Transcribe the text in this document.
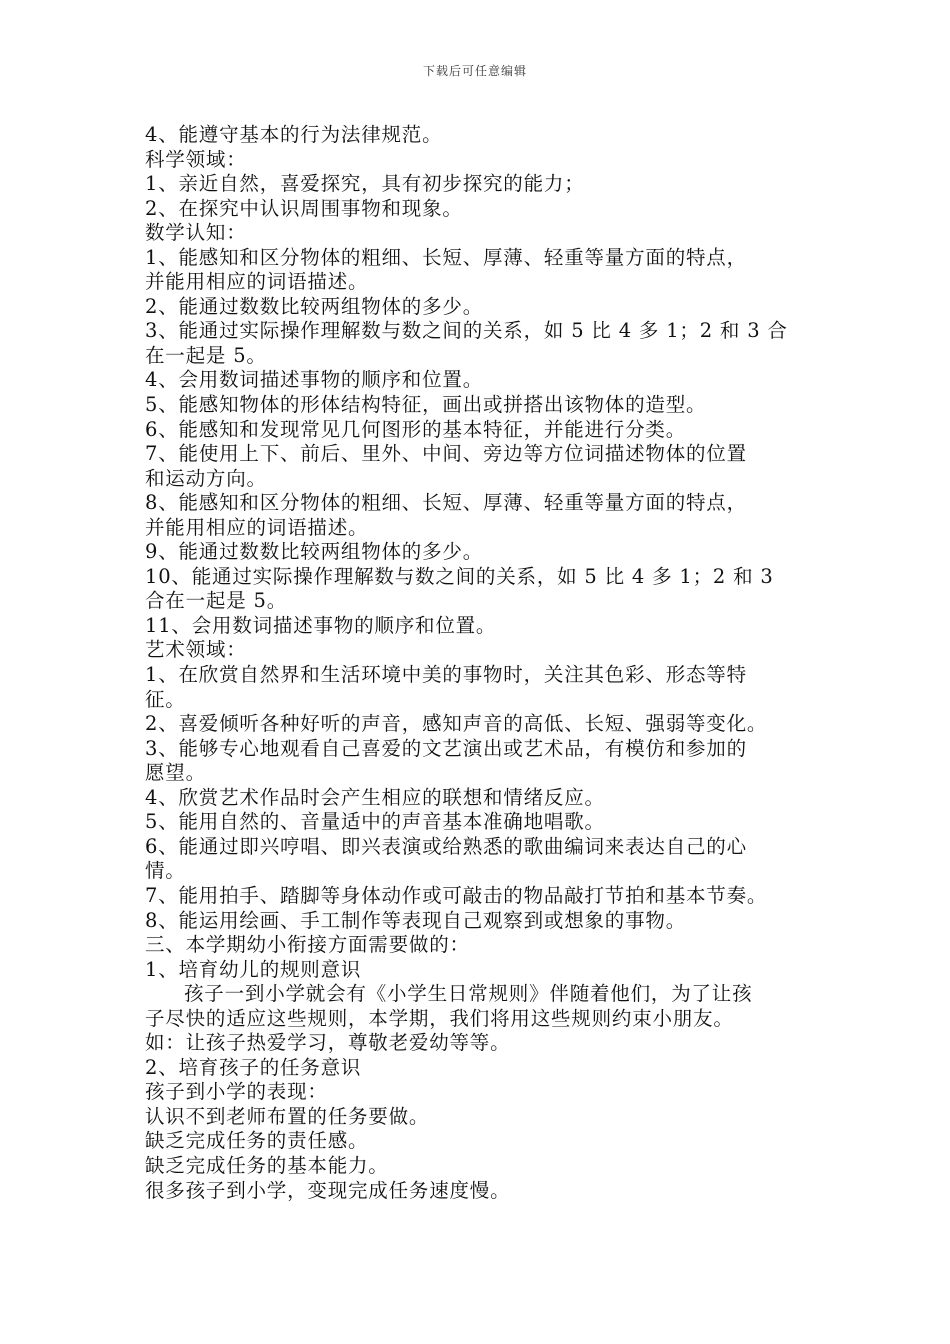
下载后可任意编辑
4、能遵守基本的行为法律规范。
科学领域：
1、亲近自然，喜爱探究，具有初步探究的能力；
2、在探究中认识周围事物和现象。
数学认知：
1、能感知和区分物体的粗细、长短、厚薄、轻重等量方面的特点，
并能用相应的词语描述。
2、能通过数数比较两组物体的多少。
3、能通过实际操作理解数与数之间的关系，如 5 比 4 多 1；2 和 3 合
在一起是 5。
4、会用数词描述事物的顺序和位置。
5、能感知物体的形体结构特征，画出或拼搭出该物体的造型。
6、能感知和发现常见几何图形的基本特征，并能进行分类。
7、能使用上下、前后、里外、中间、旁边等方位词描述物体的位置
和运动方向。
8、能感知和区分物体的粗细、长短、厚薄、轻重等量方面的特点，
并能用相应的词语描述。
9、能通过数数比较两组物体的多少。
10、能通过实际操作理解数与数之间的关系，如 5 比 4 多 1；2 和 3
合在一起是 5。
11、会用数词描述事物的顺序和位置。
艺术领域：
1、在欣赏自然界和生活环境中美的事物时，关注其色彩、形态等特
征。
2、喜爱倾听各种好听的声音，感知声音的高低、长短、强弱等变化。
3、能够专心地观看自己喜爱的文艺演出或艺术品，有模仿和参加的
愿望。
4、欣赏艺术作品时会产生相应的联想和情绪反应。
5、能用自然的、音量适中的声音基本准确地唱歌。
6、能通过即兴哼唱、即兴表演或给熟悉的歌曲编词来表达自己的心
情。
7、能用拍手、踏脚等身体动作或可敲击的物品敲打节拍和基本节奏。
8、能运用绘画、手工制作等表现自己观察到或想象的事物。
三、本学期幼小衔接方面需要做的：
1、培育幼儿的规则意识
孩子一到小学就会有《小学生日常规则》伴随着他们，为了让孩
子尽快的适应这些规则，本学期，我们将用这些规则约束小朋友。
如：让孩子热爱学习，尊敬老爱幼等等。
2、培育孩子的任务意识
孩子到小学的表现：
认识不到老师布置的任务要做。
缺乏完成任务的责任感。
缺乏完成任务的基本能力。
很多孩子到小学，变现完成任务速度慢。
